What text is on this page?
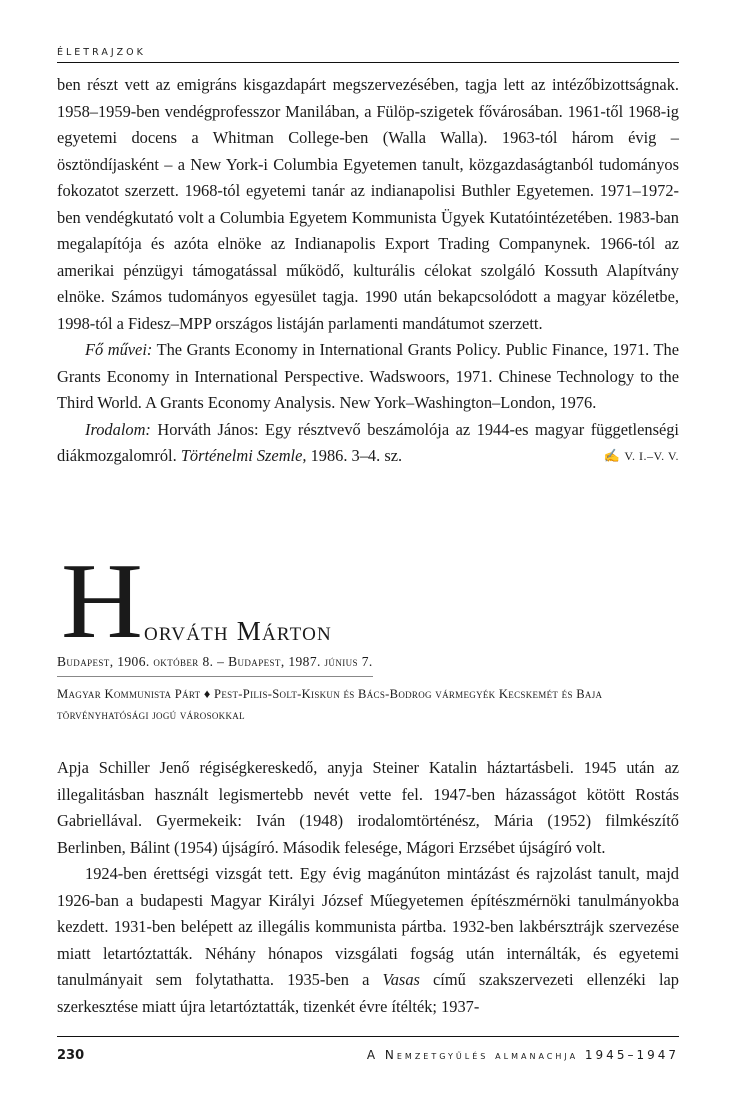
ÉLETRAJZOK

ben részt vett az emigráns kisgazdapárt megszervezésében, tagja lett az intézőbizottságnak. 1958–1959-ben vendégprofesszor Manilában, a Fülöp-szigetek fővárosában. 1961-től 1968-ig egyetemi docens a Whitman College-ben (Walla Walla). 1963-tól három évig – ösztöndíjasként – a New York-i Columbia Egyetemen tanult, közgazdaságtanból tudományos fokozatot szerzett. 1968-tól egyetemi tanár az indianapolisi Buthler Egyetemen. 1971–1972-ben vendégkutató volt a Columbia Egyetem Kommunista Ügyek Kutatóintézetében. 1983-ban megalapítója és azóta elnöke az Indianapolis Export Trading Companynek. 1966-tól az amerikai pénzügyi támogatással működő, kulturális célokat szolgáló Kossuth Alapítvány elnöke. Számos tudományos egyesület tagja. 1990 után bekapcsolódott a magyar közéletbe, 1998-tól a Fidesz–MPP országos listáján parlamenti mandátumot szerzett.

Fő művei: The Grants Economy in International Grants Policy. Public Finance, 1971. The Grants Economy in International Perspective. Wadswoors, 1971. Chinese Technology to the Third World. A Grants Economy Analysis. New York–Washington–London, 1976.

Irodalom: Horváth János: Egy résztvevő beszámolója az 1944-es magyar függetlenségi diákmozgalomról. Történelmi Szemle, 1986. 3–4. sz.	✍ V. I.–V. V.

H orváth Márton
Budapest, 1906. október 8. – Budapest, 1987. június 7.
Magyar Kommunista Párt ♦ Pest-Pilis-Solt-Kiskun és Bács-Bodrog vármegyék Kecskemét és Baja törvényhatósági jogú városokkal

Apja Schiller Jenő régiségkereskedő, anyja Steiner Katalin háztartásbeli. 1945 után az illegalitásban használt legismertebb nevét vette fel. 1947-ben házasságot kötött Rostás Gabriellával. Gyermekeik: Iván (1948) irodalomtörténész, Mária (1952) filmkészítő Berlinben, Bálint (1954) újságíró. Második felesége, Mágori Erzsébet újságíró volt.

1924-ben érettségi vizsgát tett. Egy évig magánúton mintázást és rajzolást tanult, majd 1926-ban a budapesti Magyar Királyi József Műegyetemen építészmérnöki tanulmányokba kezdett. 1931-ben belépett az illegális kommunista pártba. 1932-ben lakbérsztrájk szervezése miatt letartóztatták. Néhány hónapos vizsgálati fogság után internálták, és egyetemi tanulmányait sem folytathatta. 1935-ben a Vasas című szakszervezeti ellenzéki lap szerkesztése miatt újra letartóztatták, tizenkét évre ítélték; 1937-

230	A Nemzetgyűlés almanachja 1945–1947
